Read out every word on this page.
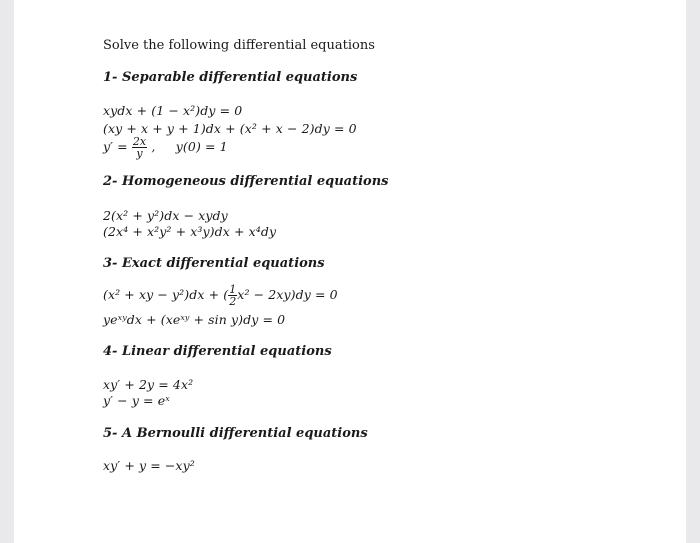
Solve the following differential equations
1- Separable differential equations
xydx + (1 − x²)dy = 0
(xy + x + y + 1)dx + (x² + x − 2)dy = 0
$y' = \frac{2x}{y}$ ,     y(0) = 1
2- Homogeneous differential equations
2(x² + y²)dx − xydy
(2x⁴ + x²y² + x³y)dx + x⁴dy
3- Exact differential equations
(x² + xy − y²)dx + ( $\frac{1}{2} x^2 - 2xy)dy = 0$
yeˣʸdx + (xeˣʸ + sin y)dy = 0
4- Linear differential equations
xy′ + 2y = 4x²
y′ − y = eˣ
5- A Bernoulli differential equations
xy′ + y = −xy²
